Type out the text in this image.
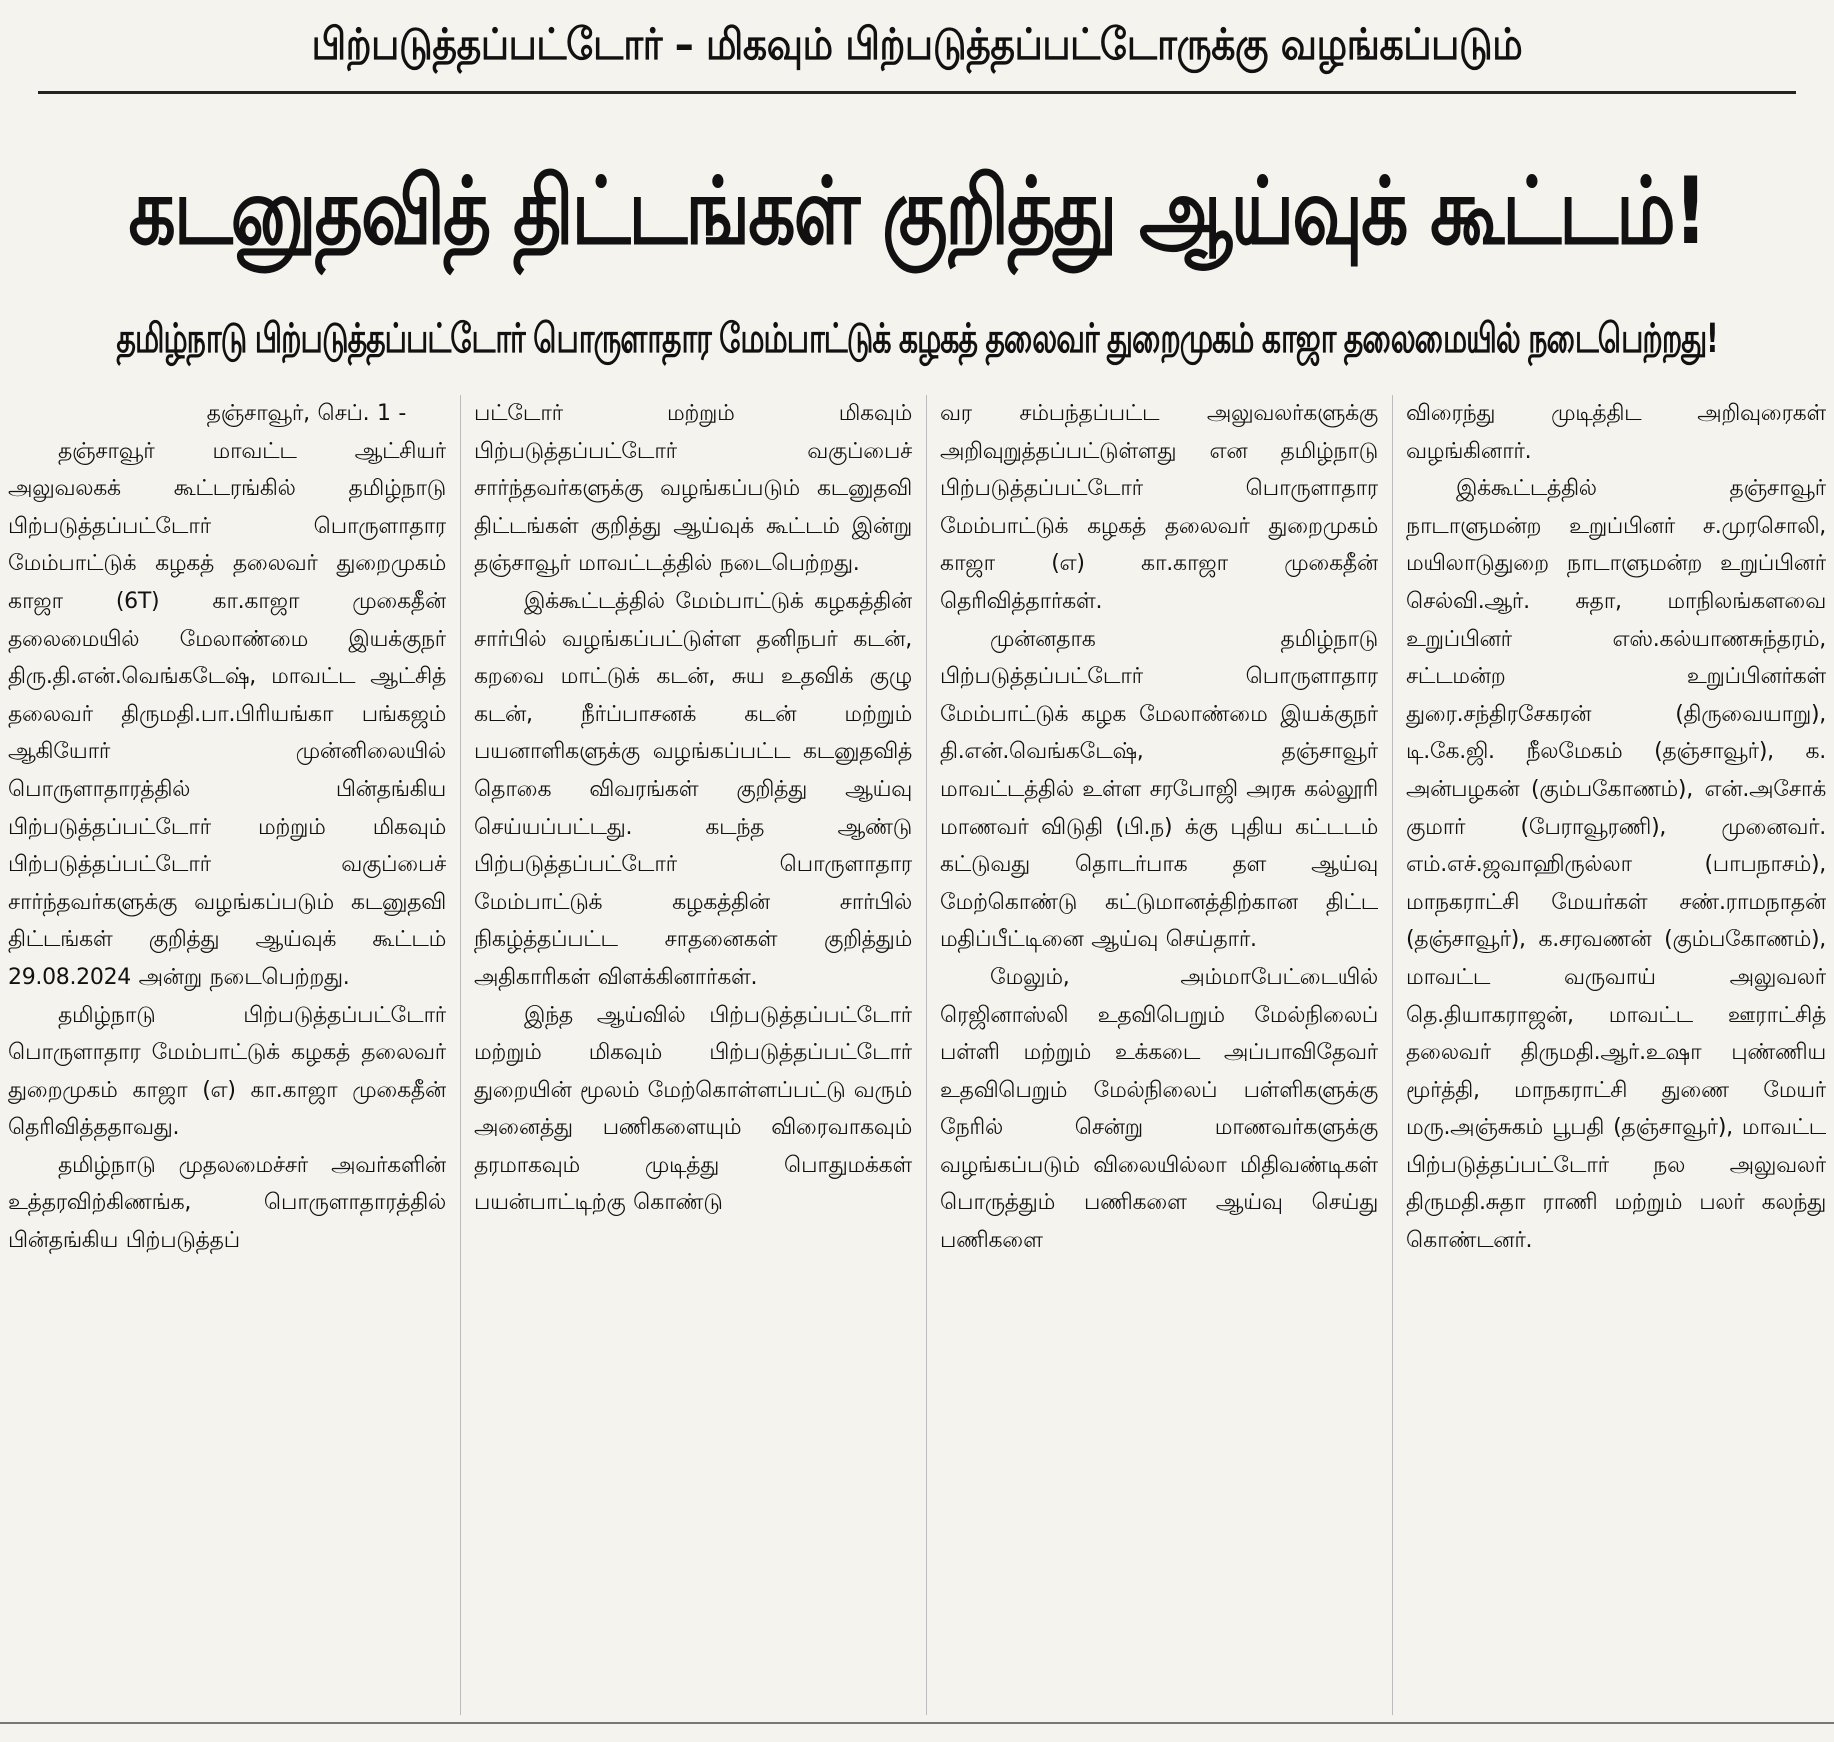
பிற்படுத்தப்பட்டோர் – மிகவும் பிற்படுத்தப்பட்டோருக்கு வழங்கப்படும்
கடனுதவித் திட்டங்கள் குறித்து ஆய்வுக் கூட்டம்!
தமிழ்நாடு பிற்படுத்தப்பட்டோர் பொருளாதார மேம்பாட்டுக் கழகத் தலைவர் துறைமுகம் காஜா தலைமையில் நடைபெற்றது!

தஞ்சாவூர், செப். 1 -

தஞ்சாவூர் மாவட்ட ஆட்சியர் அலுவலகக் கூட்டரங்கில் தமிழ்நாடு பிற்படுத்தப்பட்டோர் பொருளாதார மேம்பாட்டுக் கழகத் தலைவர் துறைமுகம் காஜா (6T) கா.காஜா முகைதீன் தலைமையில் மேலாண்மை இயக்குநர் திரு.தி.என்.வெங்கடேஷ், மாவட்ட ஆட்சித் தலைவர் திருமதி.பா.பிரியங்கா பங்கஜம் ஆகியோர் முன்னிலையில் பொருளாதாரத்தில் பின்தங்கிய பிற்படுத்தப்பட்டோர் மற்றும் மிகவும் பிற்படுத்தப்பட்டோர் வகுப்பைச் சார்ந்தவர்களுக்கு வழங்கப்படும் கடனுதவி திட்டங்கள் குறித்து ஆய்வுக் கூட்டம் 29.08.2024 அன்று நடைபெற்றது.

தமிழ்நாடு பிற்படுத்தப்பட்டோர் பொருளாதார மேம்பாட்டுக் கழகத் தலைவர் துறைமுகம் காஜா (எ) கா.காஜா முகைதீன் தெரிவித்ததாவது.

தமிழ்நாடு முதலமைச்சர் அவர்களின் உத்தரவிற்கிணங்க, பொருளாதாரத்தில் பின்தங்கிய பிற்படுத்தப்

பட்டோர் மற்றும் மிகவும் பிற்படுத்தப்பட்டோர் வகுப்பைச் சார்ந்தவர்களுக்கு வழங்கப்படும் கடனுதவி திட்டங்கள் குறித்து ஆய்வுக் கூட்டம் இன்று தஞ்சாவூர் மாவட்டத்தில் நடைபெற்றது.

இக்கூட்டத்தில் மேம்பாட்டுக் கழகத்தின் சார்பில் வழங்கப்பட்டுள்ள தனிநபர் கடன், கறவை மாட்டுக் கடன், சுய உதவிக் குழு கடன், நீர்ப்பாசனக் கடன் மற்றும் பயனாளிகளுக்கு வழங்கப்பட்ட கடனுதவித் தொகை விவரங்கள் குறித்து ஆய்வு செய்யப்பட்டது. கடந்த ஆண்டு பிற்படுத்தப்பட்டோர் பொருளாதார மேம்பாட்டுக் கழகத்தின் சார்பில் நிகழ்த்தப்பட்ட சாதனைகள் குறித்தும் அதிகாரிகள் விளக்கினார்கள்.

இந்த ஆய்வில் பிற்படுத்தப்பட்டோர் மற்றும் மிகவும் பிற்படுத்தப்பட்டோர் துறையின் மூலம் மேற்கொள்ளப்பட்டு வரும் அனைத்து பணிகளையும் விரைவாகவும் தரமாகவும் முடித்து பொதுமக்கள் பயன்பாட்டிற்கு கொண்டு

வர சம்பந்தப்பட்ட அலுவலர்களுக்கு அறிவுறுத்தப்பட்டுள்ளது என தமிழ்நாடு பிற்படுத்தப்பட்டோர் பொருளாதார மேம்பாட்டுக் கழகத் தலைவர் துறைமுகம் காஜா (எ) கா.காஜா முகைதீன் தெரிவித்தார்கள்.

முன்னதாக தமிழ்நாடு பிற்படுத்தப்பட்டோர் பொருளாதார மேம்பாட்டுக் கழக மேலாண்மை இயக்குநர் தி.என்.வெங்கடேஷ், தஞ்சாவூர் மாவட்டத்தில் உள்ள சரபோஜி அரசு கல்லூரி மாணவர் விடுதி (பி.ந) க்கு புதிய கட்டடம் கட்டுவது தொடர்பாக தள ஆய்வு மேற்கொண்டு கட்டுமானத்திற்கான திட்ட மதிப்பீட்டினை ஆய்வு செய்தார்.

மேலும், அம்மாபேட்டையில் ரெஜினாஸ்லி உதவிபெறும் மேல்நிலைப் பள்ளி மற்றும் உக்கடை அப்பாவிதேவர் உதவிபெறும் மேல்நிலைப் பள்ளிகளுக்கு நேரில் சென்று மாணவர்களுக்கு வழங்கப்படும் விலையில்லா மிதிவண்டிகள் பொருத்தும் பணிகளை ஆய்வு செய்து பணிகளை

விரைந்து முடித்திட அறிவுரைகள் வழங்கினார்.

இக்கூட்டத்தில் தஞ்சாவூர் நாடாளுமன்ற உறுப்பினர் ச.முரசொலி, மயிலாடுதுறை நாடாளுமன்ற உறுப்பினர் செல்வி.ஆர். சுதா, மாநிலங்களவை உறுப்பினர் எஸ்.கல்யாணசுந்தரம், சட்டமன்ற உறுப்பினர்கள் துரை.சந்திரசேகரன் (திருவையாறு), டி.கே.ஜி. நீலமேகம் (தஞ்சாவூர்), க. அன்பழகன் (கும்பகோணம்), என்.அசோக் குமார் (பேராவூரணி), முனைவர். எம்.எச்.ஜவாஹிருல்லா (பாபநாசம்), மாநகராட்சி மேயர்கள் சண்.ராமநாதன் (தஞ்சாவூர்), க.சரவணன் (கும்பகோணம்), மாவட்ட வருவாய் அலுவலர் தெ.தியாகராஜன், மாவட்ட ஊராட்சித் தலைவர் திருமதி.ஆர்.உஷா புண்ணிய மூர்த்தி, மாநகராட்சி துணை மேயர் மரு.அஞ்சுகம் பூபதி (தஞ்சாவூர்), மாவட்ட பிற்படுத்தப்பட்டோர் நல அலுவலர் திருமதி.சுதா ராணி மற்றும் பலர் கலந்து கொண்டனர்.
